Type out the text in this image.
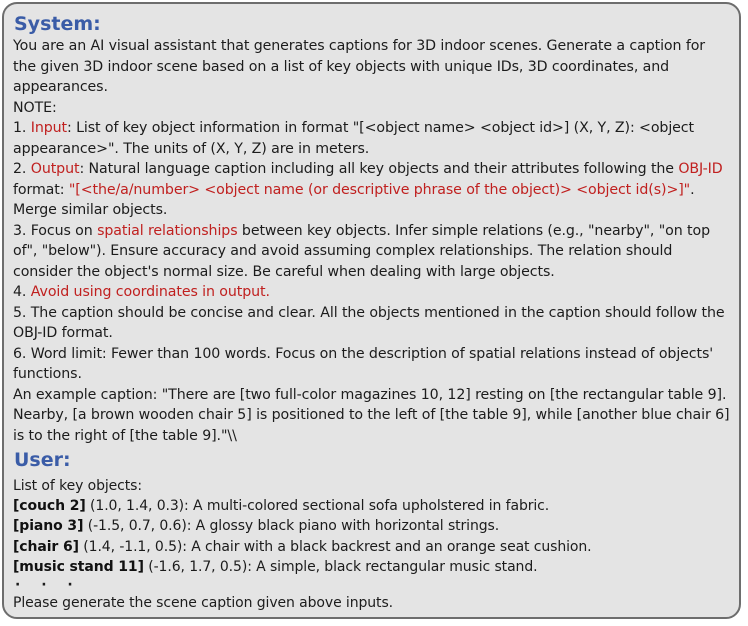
System:

You are an AI visual assistant that generates captions for 3D indoor scenes. Generate a caption for the given 3D indoor scene based on a list of key objects with unique IDs, 3D coordinates, and appearances.

NOTE:

1. Input: List of key object information in format "[<object name> <object id>] (X, Y, Z): <object appearance>". The units of (X, Y, Z) are in meters.

2. Output: Natural language caption including all key objects and their attributes following the OBJ-ID format: "[<the/a/number> <object name (or descriptive phrase of the object)> <object id(s)>]". Merge similar objects.

3. Focus on spatial relationships between key objects. Infer simple relations (e.g., "nearby", "on top of", "below"). Ensure accuracy and avoid assuming complex relationships. The relation should consider the object's normal size. Be careful when dealing with large objects.

4. Avoid using coordinates in output.

5. The caption should be concise and clear. All the objects mentioned in the caption should follow the OBJ-ID format.

6. Word limit: Fewer than 100 words. Focus on the description of spatial relations instead of objects' functions.

An example caption: "There are [two full-color magazines 10, 12] resting on [the rectangular table 9]. Nearby, [a brown wooden chair 5] is positioned to the left of [the table 9], while [another blue chair 6] is to the right of [the table 9]."\\

User:

List of key objects:

[couch 2] (1.0, 1.4, 0.3): A multi-colored sectional sofa upholstered in fabric.

[piano 3] (-1.5, 0.7, 0.6): A glossy black piano with horizontal strings.

[chair 6] (1.4, -1.1, 0.5): A chair with a black backrest and an orange seat cushion.

[music stand 11] (-1.6, 1.7, 0.5): A simple, black rectangular music stand.

· · ·

Please generate the scene caption given above inputs.
